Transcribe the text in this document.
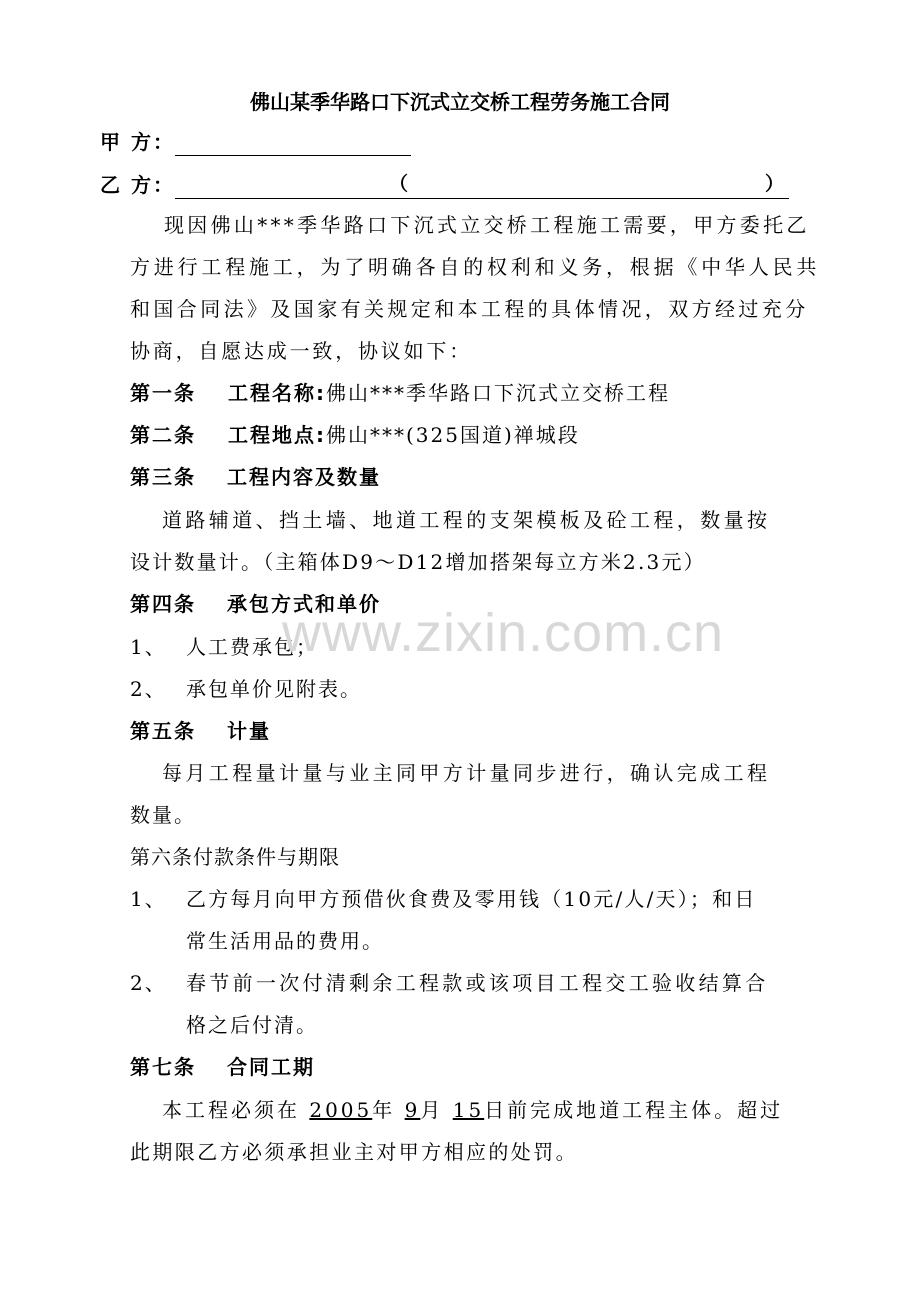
佛山某季华路口下沉式立交桥工程劳务施工合同
甲 方：
乙 方：	（	）
现因佛山***季华路口下沉式立交桥工程施工需要，甲方委托乙
方进行工程施工，为了明确各自的权利和义务，根据《中华人民共
和国合同法》及国家有关规定和本工程的具体情况，双方经过充分
协商，自愿达成一致，协议如下：
第一条 工程名称:佛山***季华路口下沉式立交桥工程
第二条 工程地点:佛山***(325国道)禅城段
第三条　 工程内容及数量
道路辅道、挡土墙、地道工程的支架模板及砼工程，数量按
设计数量计。（主箱体D9～D12增加搭架每立方米2.3元）
第四条　 承包方式和单价
1、 人工费承包；
2、 承包单价见附表。
第五条　 计量
每月工程量计量与业主同甲方计量同步进行，确认完成工程
数量。
第六条付款条件与期限
1、 乙方每月向甲方预借伙食费及零用钱（10元/人/天）；和日
常生活用品的费用。
2、 春节前一次付清剩余工程款或该项目工程交工验收结算合
格之后付清。
第七条　 合同工期
本工程必须在 2005年 9月 15日前完成地道工程主体。超过
此期限乙方必须承担业主对甲方相应的处罚。
www.zixin.com.cn
